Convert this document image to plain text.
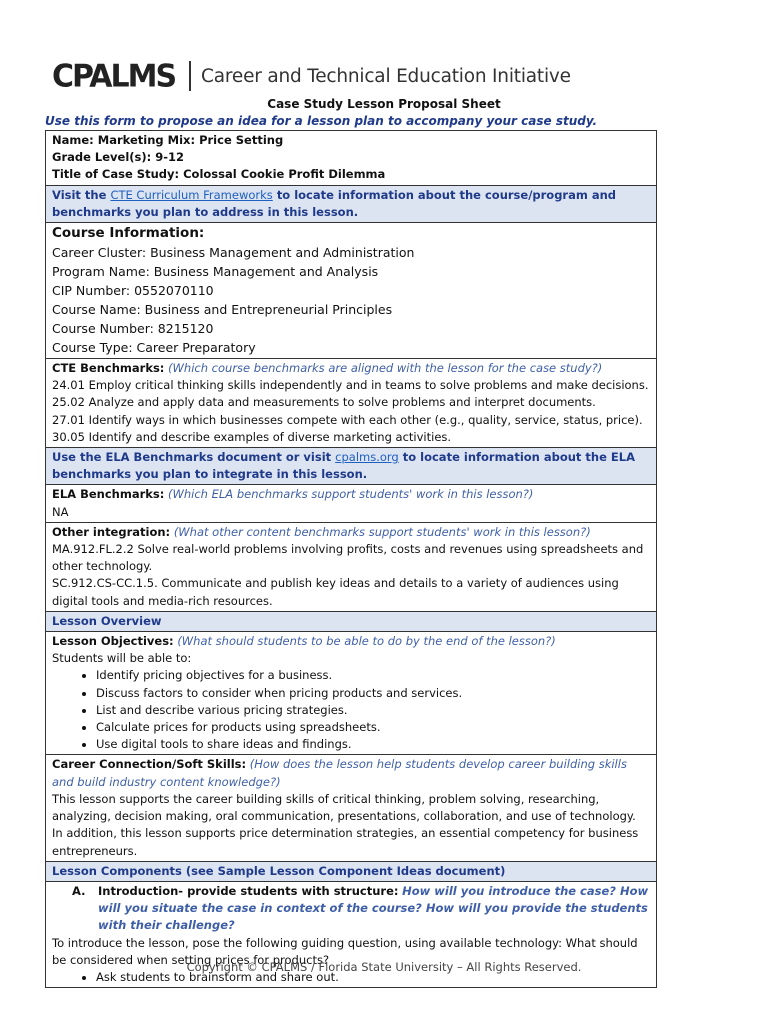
CPALMS Career and Technical Education Initiative
Case Study Lesson Proposal Sheet
Use this form to propose an idea for a lesson plan to accompany your case study.
Name: Marketing Mix: Price Setting
Grade Level(s): 9-12
Title of Case Study: Colossal Cookie Profit Dilemma
Visit the CTE Curriculum Frameworks to locate information about the course/program and benchmarks you plan to address in this lesson.
Course Information:
Career Cluster: Business Management and Administration
Program Name: Business Management and Analysis
CIP Number: 0552070110
Course Name: Business and Entrepreneurial Principles
Course Number: 8215120
Course Type: Career Preparatory
CTE Benchmarks: (Which course benchmarks are aligned with the lesson for the case study?)
24.01 Employ critical thinking skills independently and in teams to solve problems and make decisions.
25.02 Analyze and apply data and measurements to solve problems and interpret documents.
27.01 Identify ways in which businesses compete with each other (e.g., quality, service, status, price).
30.05 Identify and describe examples of diverse marketing activities.
Use the ELA Benchmarks document or visit cpalms.org to locate information about the ELA benchmarks you plan to integrate in this lesson.
ELA Benchmarks: (Which ELA benchmarks support students' work in this lesson?)
NA
Other integration: (What other content benchmarks support students' work in this lesson?)
MA.912.FL.2.2 Solve real-world problems involving profits, costs and revenues using spreadsheets and other technology.
SC.912.CS-CC.1.5. Communicate and publish key ideas and details to a variety of audiences using digital tools and media-rich resources.
Lesson Overview
Lesson Objectives: (What should students to be able to do by the end of the lesson?)
Students will be able to:
• Identify pricing objectives for a business.
• Discuss factors to consider when pricing products and services.
• List and describe various pricing strategies.
• Calculate prices for products using spreadsheets.
• Use digital tools to share ideas and findings.
Career Connection/Soft Skills: (How does the lesson help students develop career building skills and build industry content knowledge?)
This lesson supports the career building skills of critical thinking, problem solving, researching, analyzing, decision making, oral communication, presentations, collaboration, and use of technology. In addition, this lesson supports price determination strategies, an essential competency for business entrepreneurs.
Lesson Components (see Sample Lesson Component Ideas document)
A.	Introduction- provide students with structure: How will you introduce the case? How will you situate the case in context of the course? How will you provide the students with their challenge?
To introduce the lesson, pose the following guiding question, using available technology: What should be considered when setting prices for products?
• Ask students to brainstorm and share out.
Copyright © CPALMS / Florida State University – All Rights Reserved.
